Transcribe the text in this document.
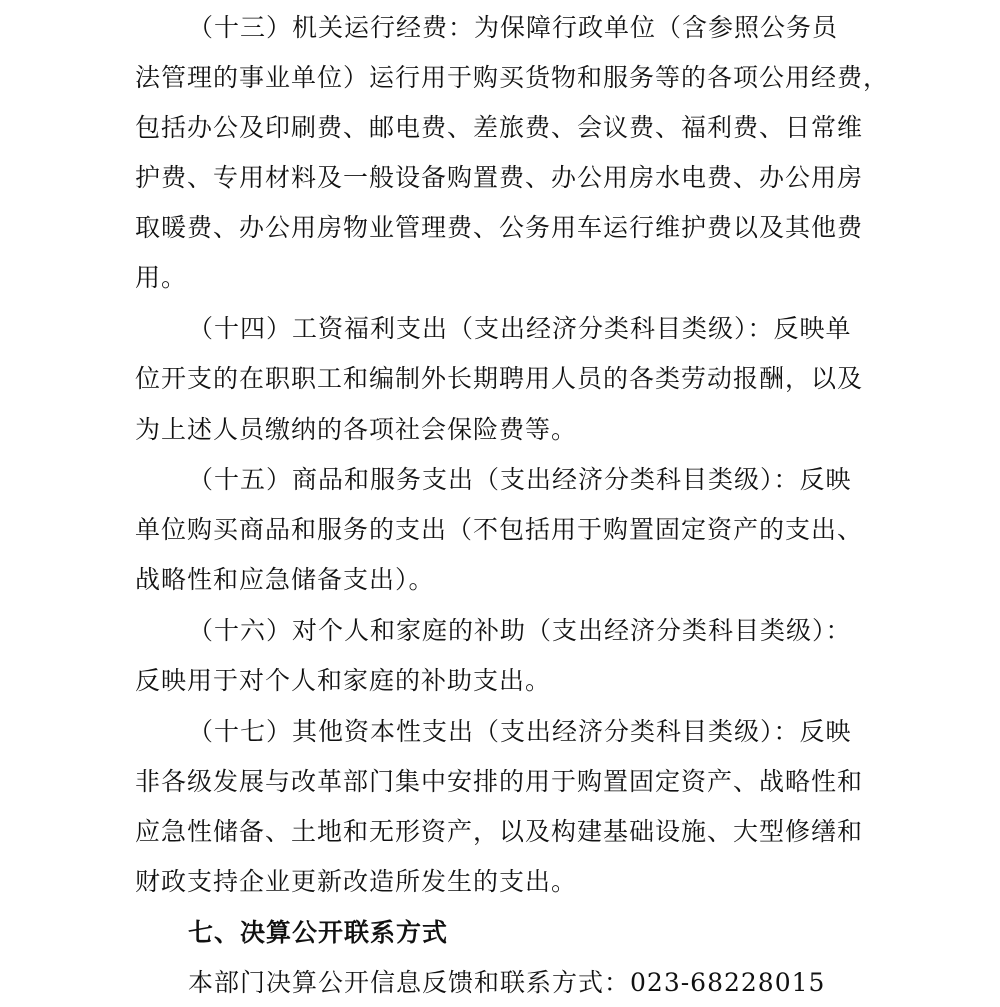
（十三）机关运行经费：为保障行政单位（含参照公务员
法管理的事业单位）运行用于购买货物和服务等的各项公用经费，
包括办公及印刷费、邮电费、差旅费、会议费、福利费、日常维
护费、专用材料及一般设备购置费、办公用房水电费、办公用房
取暖费、办公用房物业管理费、公务用车运行维护费以及其他费
用。
（十四）工资福利支出（支出经济分类科目类级）：反映单
位开支的在职职工和编制外长期聘用人员的各类劳动报酬，以及
为上述人员缴纳的各项社会保险费等。
（十五）商品和服务支出（支出经济分类科目类级）：反映
单位购买商品和服务的支出（不包括用于购置固定资产的支出、
战略性和应急储备支出）。
（十六）对个人和家庭的补助（支出经济分类科目类级）：
反映用于对个人和家庭的补助支出。
（十七）其他资本性支出（支出经济分类科目类级）：反映
非各级发展与改革部门集中安排的用于购置固定资产、战略性和
应急性储备、土地和无形资产，以及构建基础设施、大型修缮和
财政支持企业更新改造所发生的支出。
七、决算公开联系方式
本部门决算公开信息反馈和联系方式：023-68228015
